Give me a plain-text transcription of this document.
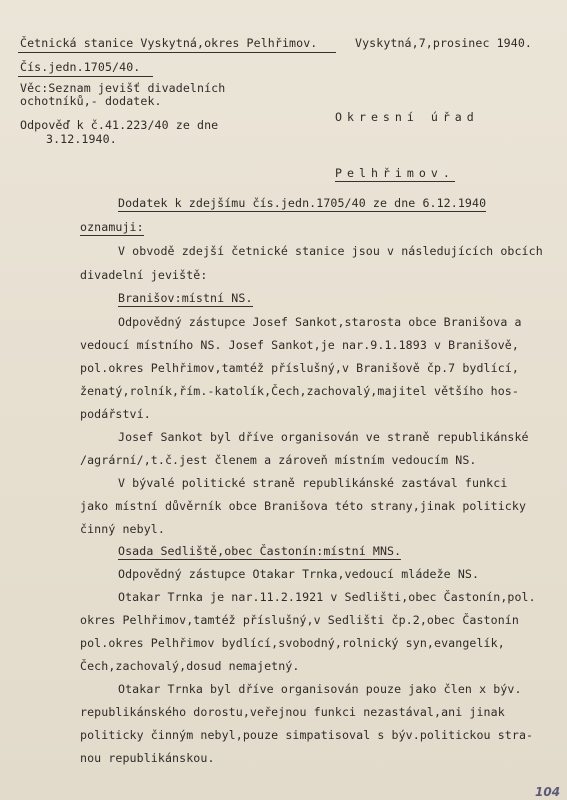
Četnická stanice Vyskytná,okres Pelhřimov.	Vyskytná,7,prosinec 1940.
Čís.jedn.1705/40.
Věc:Seznam jevišť divadelních
ochotníků,- dodatek.
Odpověď k č.41.223/40 ze dne
3.12.1940.
Okresní úřad
Pelhřimov.
Dodatek k zdejšímu čís.jedn.1705/40 ze dne 6.12.1940
oznamuji:
V obvodě zdejší četnické stanice jsou v následujících obcích
divadelní jeviště:
Branišov:místní NS.
Odpovědný zástupce Josef Sankot,starosta obce Branišova a
vedoucí místního NS. Josef Sankot,je nar.9.1.1893 v Branišově,
pol.okres Pelhřimov,tamtéž příslušný,v Branišově čp.7 bydlící,
ženatý,rolník,řím.-katolík,Čech,zachovalý,majitel většího hos-
podářství.
Josef Sankot byl dříve organisován ve straně republikánské
/agrární/,t.č.jest členem a zároveň místním vedoucím NS.
V bývalé politické straně republikánské zastával funkci
jako místní důvěrník obce Branišova této strany,jinak politicky
činný nebyl.
Osada Sedliště,obec Častonín:místní MNS.
Odpovědný zástupce Otakar Trnka,vedoucí mládeže NS.
Otakar Trnka je nar.11.2.1921 v Sedlišti,obec Častonín,pol.
okres Pelhřimov,tamtéž příslušný,v Sedlišti čp.2,obec Častonín
pol.okres Pelhřimov bydlící,svobodný,rolnický syn,evangelík,
Čech,zachovalý,dosud nemajetný.
Otakar Trnka byl dříve organisován pouze jako člen x býv.
republikánského dorostu,veřejnou funkci nezastával,ani jinak
politicky činným nebyl,pouze simpatisoval s býv.politickou stra-
nou republikánskou.
104
